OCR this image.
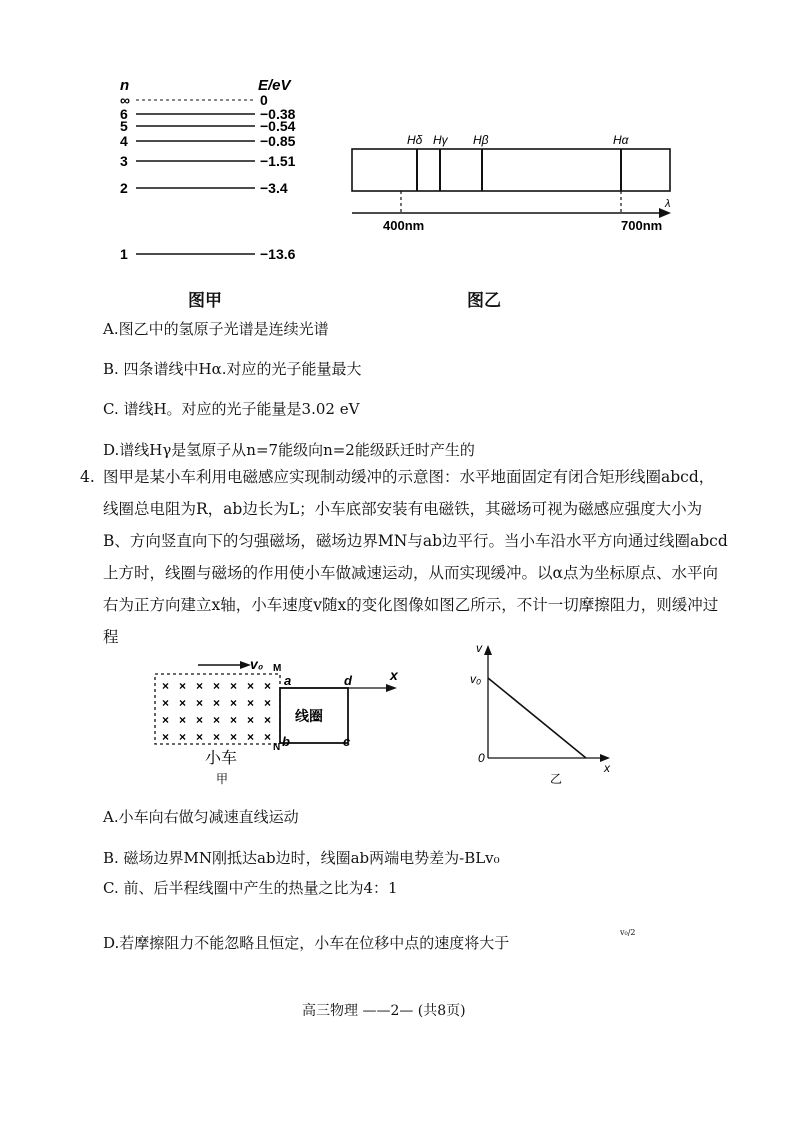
n	E/eV
∞	0
6	−0.38
5	−0.54
4	−0.85
3	−1.51
2	−3.4
1	−13.6
图甲
Hδ Hγ Hβ	Hα
λ
400nm	700nm
图乙
A.图乙中的氢原子光谱是连续光谱
B. 四条谱线中Hα.对应的光子能量最大
C. 谱线H。对应的光子能量是3.02 eV
D.谱线Hγ是氢原子从n=7能级向n=2能级跃迁时产生的
4. 图甲是某小车利用电磁感应实现制动缓冲的示意图：水平地面固定有闭合矩形线圈abcd，线圈总电阻为R，ab边长为L；小车底部安装有电磁铁，其磁场可视为磁感应强度大小为B、方向竖直向下的匀强磁场，磁场边界MN与ab边平行。当小车沿水平方向通过线圈abcd上方时，线圈与磁场的作用使小车做减速运动，从而实现缓冲。以α点为坐标原点、水平向右为正方向建立x轴，小车速度v随x的变化图像如图乙所示，不计一切摩擦阻力，则缓冲过程
v₀ M
× × × × × × ×
× × × × × × ×
× × × × × × ×
× × × × × × ×
N
线圈
x
a	d
b	c
小车
甲
v
v₀
0
x
乙
A.小车向右做匀减速直线运动
B. 磁场边界MN刚抵达ab边时，线圈ab两端电势差为-BLv₀
C. 前、后半程线圈中产生的热量之比为4：1
D.若摩擦阻力不能忽略且恒定，小车在位移中点的速度将大于
v₀/2
高三物理 ——2— (共8页)
